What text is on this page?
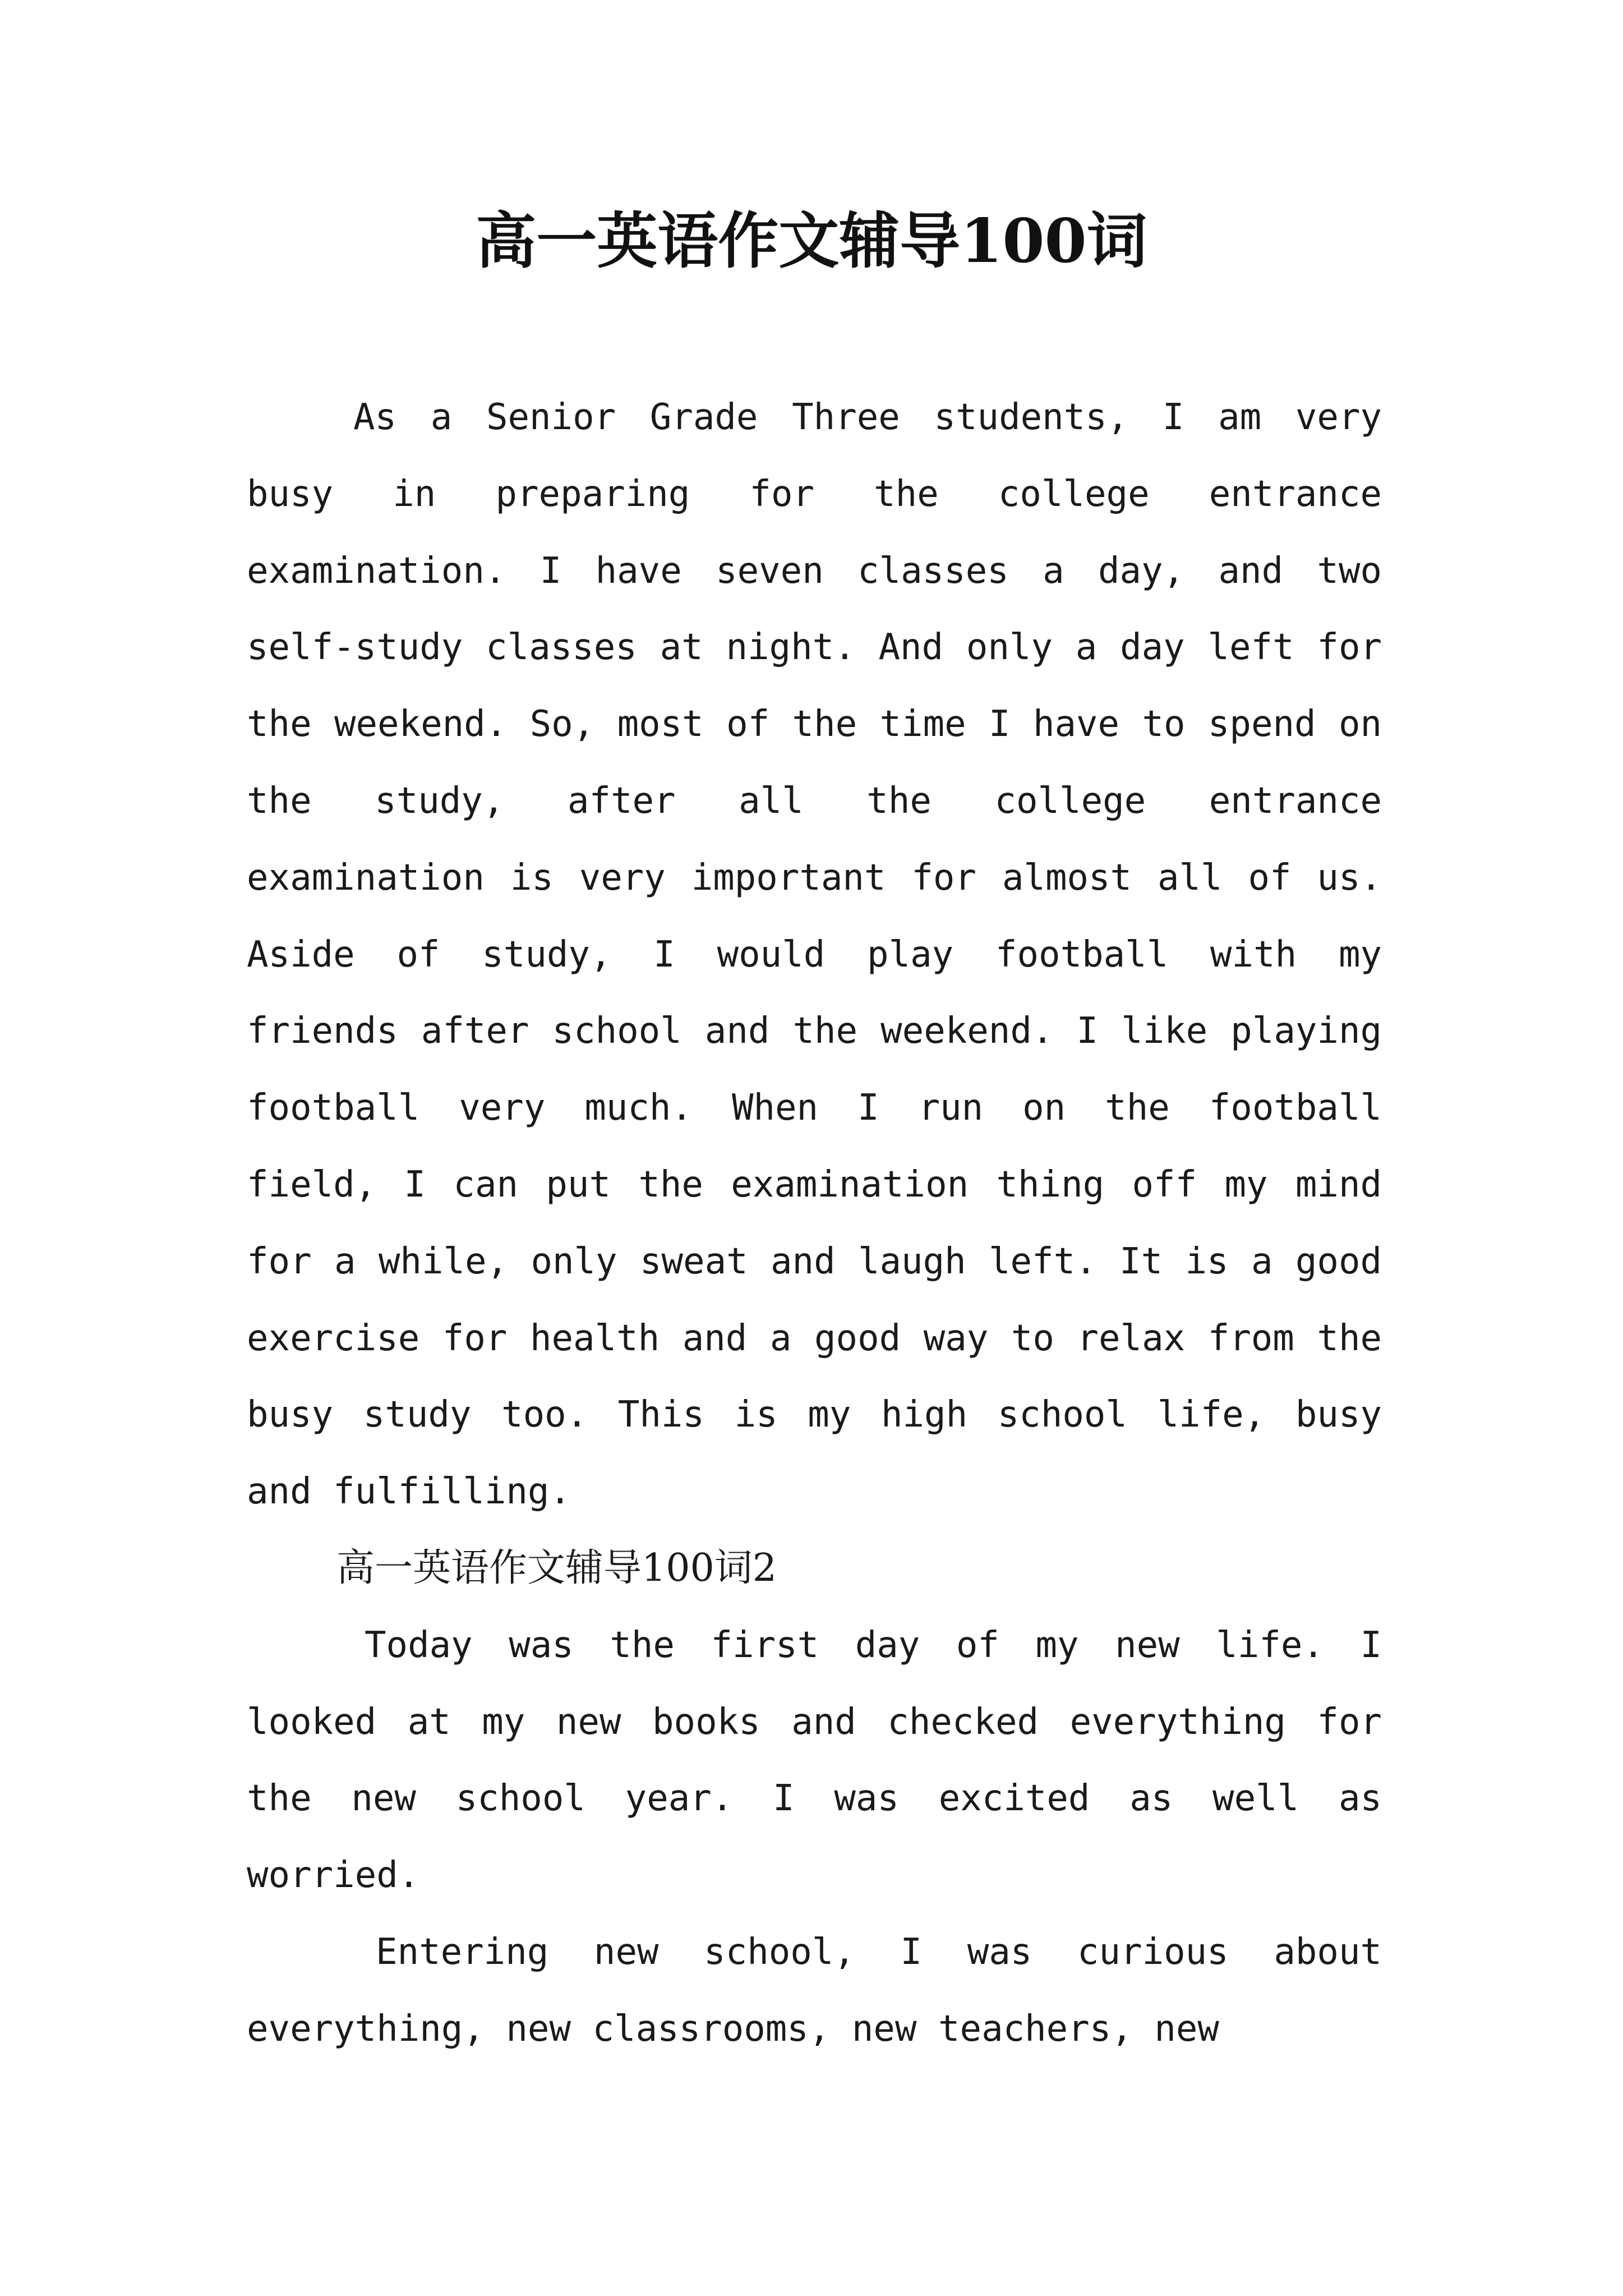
高一英语作文辅导100词

As a Senior Grade Three students, I am very busy in preparing for the college entrance examination. I have seven classes a day, and two self-study classes at night. And only a day left for the weekend. So, most of the time I have to spend on the study, after all the college entrance examination is very important for almost all of us. Aside of study, I would play football with my friends after school and the weekend. I like playing football very much. When I run on the football field, I can put the examination thing off my mind for a while, only sweat and laugh left. It is a good exercise for health and a good way to relax from the busy study too. This is my high school life, busy and fulfilling.

高一英语作文辅导100词2

Today was the first day of my new life. I looked at my new books and checked everything for the new school year. I was excited as well as worried.

Entering new school, I was curious about everything, new classrooms, new teachers, new
